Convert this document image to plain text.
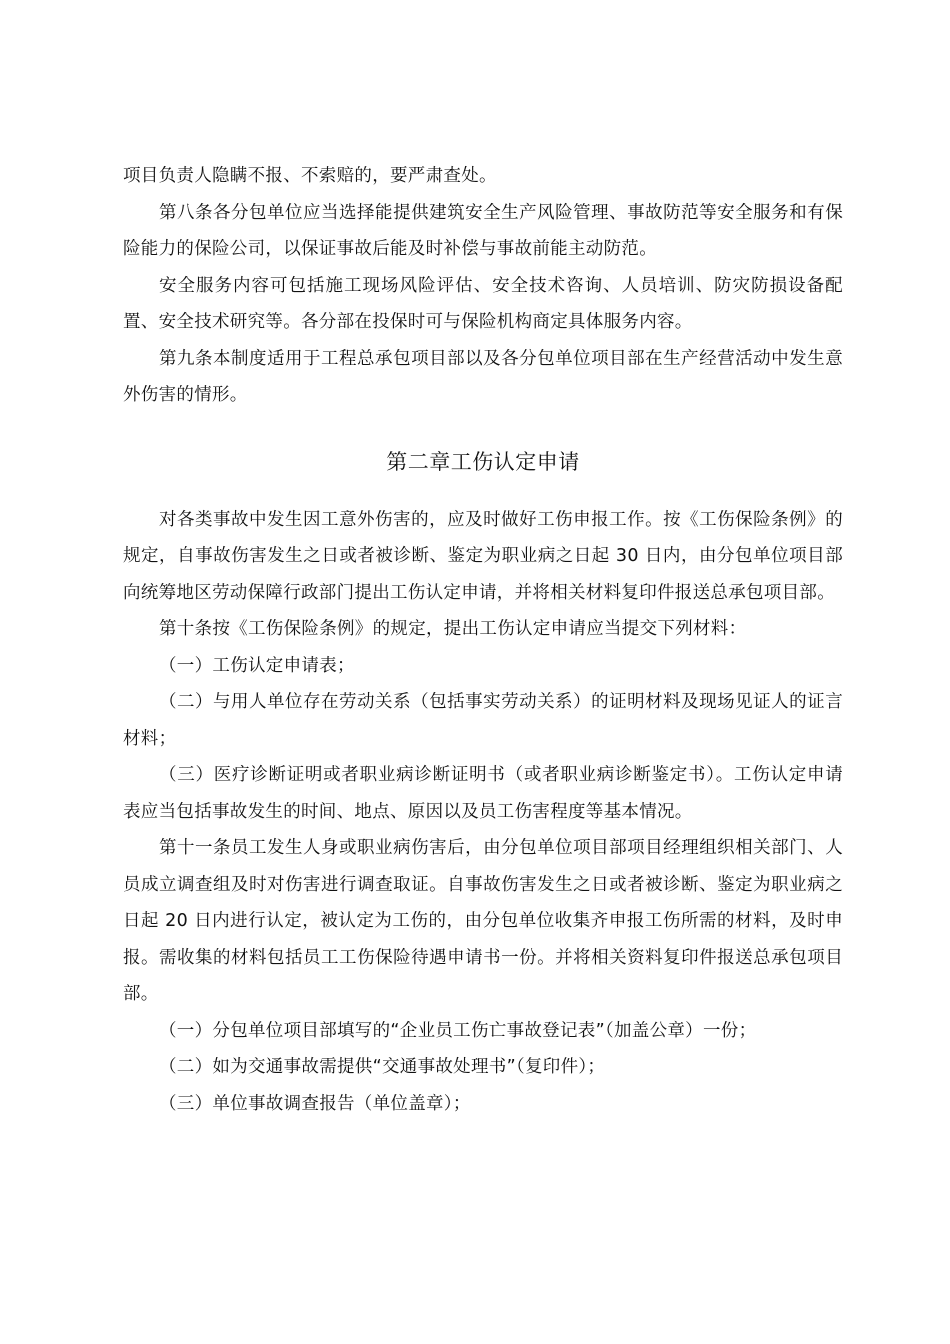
项目负责人隐瞒不报、不索赔的，要严肃查处。

第八条各分包单位应当选择能提供建筑安全生产风险管理、事故防范等安全服务和有保险能力的保险公司，以保证事故后能及时补偿与事故前能主动防范。

安全服务内容可包括施工现场风险评估、安全技术咨询、人员培训、防灾防损设备配置、安全技术研究等。各分部在投保时可与保险机构商定具体服务内容。

第九条本制度适用于工程总承包项目部以及各分包单位项目部在生产经营活动中发生意外伤害的情形。

第二章工伤认定申请

对各类事故中发生因工意外伤害的，应及时做好工伤申报工作。按《工伤保险条例》的规定，自事故伤害发生之日或者被诊断、鉴定为职业病之日起 30 日内，由分包单位项目部向统筹地区劳动保障行政部门提出工伤认定申请，并将相关材料复印件报送总承包项目部。

第十条按《工伤保险条例》的规定，提出工伤认定申请应当提交下列材料：

（一）工伤认定申请表；

（二）与用人单位存在劳动关系（包括事实劳动关系）的证明材料及现场见证人的证言材料；

（三）医疗诊断证明或者职业病诊断证明书（或者职业病诊断鉴定书）。工伤认定申请表应当包括事故发生的时间、地点、原因以及员工伤害程度等基本情况。

第十一条员工发生人身或职业病伤害后，由分包单位项目部项目经理组织相关部门、人员成立调查组及时对伤害进行调查取证。自事故伤害发生之日或者被诊断、鉴定为职业病之日起 20 日内进行认定，被认定为工伤的，由分包单位收集齐申报工伤所需的材料，及时申报。需收集的材料包括员工工伤保险待遇申请书一份。并将相关资料复印件报送总承包项目部。

（一）分包单位项目部填写的“企业员工伤亡事故登记表”（加盖公章）一份；

（二）如为交通事故需提供“交通事故处理书”（复印件）；

（三）单位事故调查报告（单位盖章）；
